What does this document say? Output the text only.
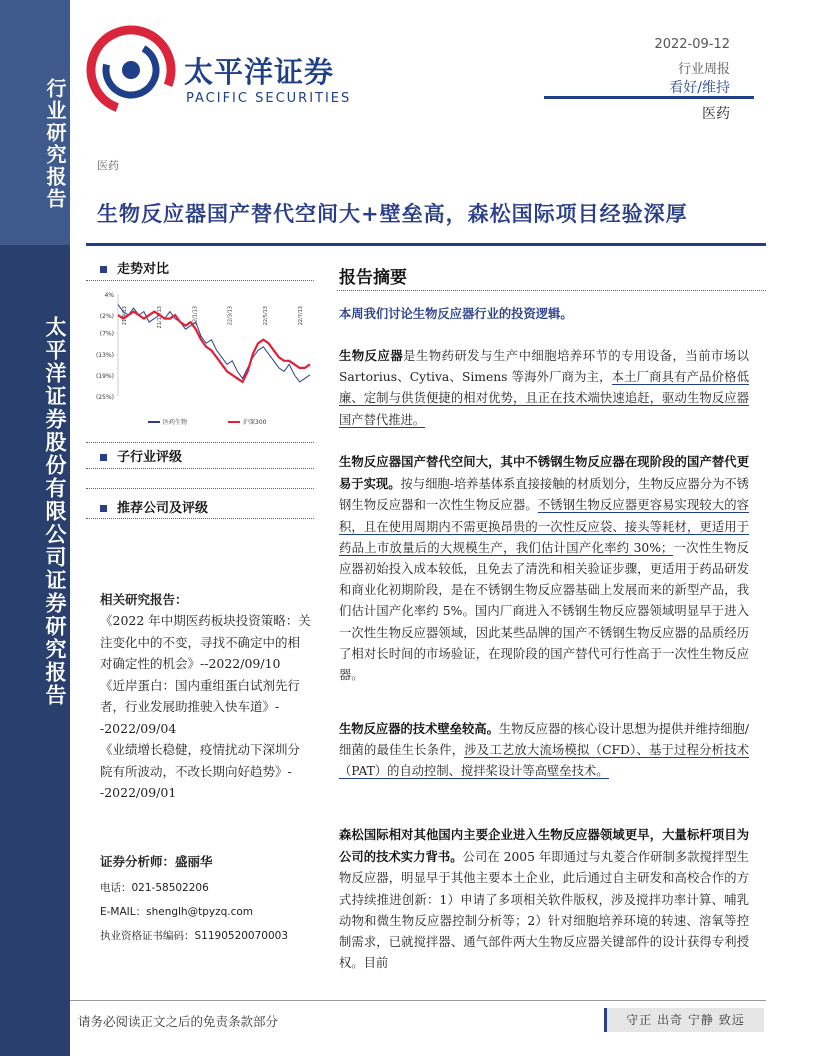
行业研究报告
太平洋证券股份有限公司证券研究报告
太平洋证券
PACIFIC SECURITIES
2022-09-12
行业周报
看好/维持
医药
医药
生物反应器国产替代空间大+壁垒高，森松国际项目经验深厚
走势对比
4%
(2%)
(7%)
(13%)
(19%)
(25%)
21/9/13	21/11/13	22/1/13	22/3/13	22/5/13	22/7/13
医药生物	沪深300
子行业评级
推荐公司及评级
相关研究报告：
《2022 年中期医药板块投资策略：关注变化中的不变，寻找不确定中的相对确定性的机会》--2022/09/10
《近岸蛋白：国内重组蛋白试剂先行者，行业发展助推驶入快车道》--2022/09/04
《业绩增长稳健，疫情扰动下深圳分院有所波动，不改长期向好趋势》--2022/09/01
证券分析师：盛丽华
电话：021-58502206
E-MAIL：shenglh@tpyzq.com
执业资格证书编码：S1190520070003
报告摘要
本周我们讨论生物反应器行业的投资逻辑。
生物反应器是生物药研发与生产中细胞培养环节的专用设备，当前市场以 Sartorius、Cytiva、Simens 等海外厂商为主，本土厂商具有产品价格低廉、定制与供货便捷的相对优势，且正在技术端快速追赶，驱动生物反应器国产替代推进。
生物反应器国产替代空间大，其中不锈钢生物反应器在现阶段的国产替代更易于实现。按与细胞-培养基体系直接接触的材质划分，生物反应器分为不锈钢生物反应器和一次性生物反应器。不锈钢生物反应器更容易实现较大的容积，且在使用周期内不需更换昂贵的一次性反应袋、接头等耗材，更适用于药品上市放量后的大规模生产，我们估计国产化率约 30%；一次性生物反应器初始投入成本较低，且免去了清洗和相关验证步骤，更适用于药品研发和商业化初期阶段，是在不锈钢生物反应器基础上发展而来的新型产品，我们估计国产化率约 5%。国内厂商进入不锈钢生物反应器领域明显早于进入一次性生物反应器领域，因此某些品牌的国产不锈钢生物反应器的品质经历了相对长时间的市场验证，在现阶段的国产替代可行性高于一次性生物反应器。
生物反应器的技术壁垒较高。生物反应器的核心设计思想为提供并维持细胞/细菌的最佳生长条件，涉及工艺放大流场模拟（CFD）、基于过程分析技术（PAT）的自动控制、搅拌桨设计等高壁垒技术。
森松国际相对其他国内主要企业进入生物反应器领域更早，大量标杆项目为公司的技术实力背书。公司在 2005 年即通过与丸菱合作研制多款搅拌型生物反应器，明显早于其他主要本土企业，此后通过自主研发和高校合作的方式持续推进创新：1）申请了多项相关软件版权，涉及搅拌功率计算、哺乳动物和微生物反应器控制分析等；2）针对细胞培养环境的转速、溶氧等控制需求，已就搅拌器、通气部件两大生物反应器关键部件的设计获得专利授权。目前
请务必阅读正文之后的免责条款部分	守正 出奇 宁静 致远
